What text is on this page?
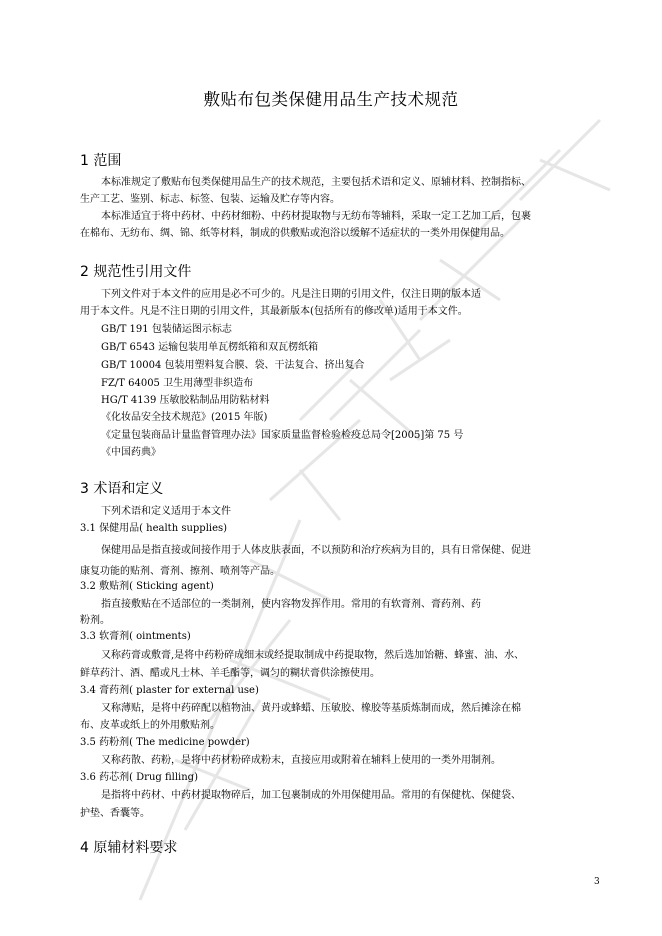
敷贴布包类保健用品生产技术规范
1 范围
本标准规定了敷贴布包类保健用品生产的技术规范，主要包括术语和定义、原辅材料、控制指标、
生产工艺、鉴别、标志、标签、包装、运输及贮存等内容。
本标准适宜于将中药材、中药材细粉、中药材提取物与无纺布等辅料，采取一定工艺加工后，包裹
在棉布、无纺布、绸、锦、纸等材料，制成的供敷贴或泡浴以缓解不适症状的一类外用保健用品。
2 规范性引用文件
下列文件对于本文件的应用是必不可少的。凡是注日期的引用文件，仅注日期的版本适
用于本文件。凡是不注日期的引用文件，其最新版本(包括所有的修改单)适用于本文件。
GB/T 191 包装储运图示标志
GB/T 6543 运输包装用单瓦楞纸箱和双瓦楞纸箱
GB/T 10004 包装用塑料复合膜、袋、干法复合、挤出复合
FZ/T 64005 卫生用薄型非织造布
HG/T 4139 压敏胶粘制品用防粘材料
《化妆品安全技术规范》(2015 年版)
《定量包装商品计量监督管理办法》国家质量监督检验检疫总局令[2005]第 75 号
《中国药典》
3 术语和定义
下列术语和定义适用于本文件
3.1 保健用品( health supplies)
保健用品是指直接或间接作用于人体皮肤表面，不以预防和治疗疾病为目的，具有日常保健、促进
康复功能的贴剂、膏剂、擦剂、喷剂等产品。
3.2 敷贴剂( Sticking agent)
指直接敷贴在不适部位的一类制剂，使内容物发挥作用。常用的有软膏剂、膏药剂、药
粉剂。
3.3 软膏剂( ointments)
又称药膏或敷膏,是将中药粉碎成细末或经提取制成中药提取物，然后选加饴糖、蜂蜜、油、水、
鲜草药汁、酒、醋或凡士林、羊毛酯等，调匀的糊状膏供涂擦使用。
3.4 膏药剂( plaster for external use)
又称薄贴，是将中药碎配以植物油、黄丹或蜂蜡、压敏胶、橡胶等基质炼制而成，然后摊涂在棉
布、皮革或纸上的外用敷贴剂。
3.5 药粉剂( The medicine powder)
又称药散、药粉，是将中药材粉碎成粉末，直接应用或附着在辅料上使用的一类外用制剂。
3.6 药芯剂( Drug filling)
是指将中药材、中药材提取物碎后，加工包裹制成的外用保健用品。常用的有保健枕、保健袋、
护垫、香囊等。
4 原辅材料要求
3
